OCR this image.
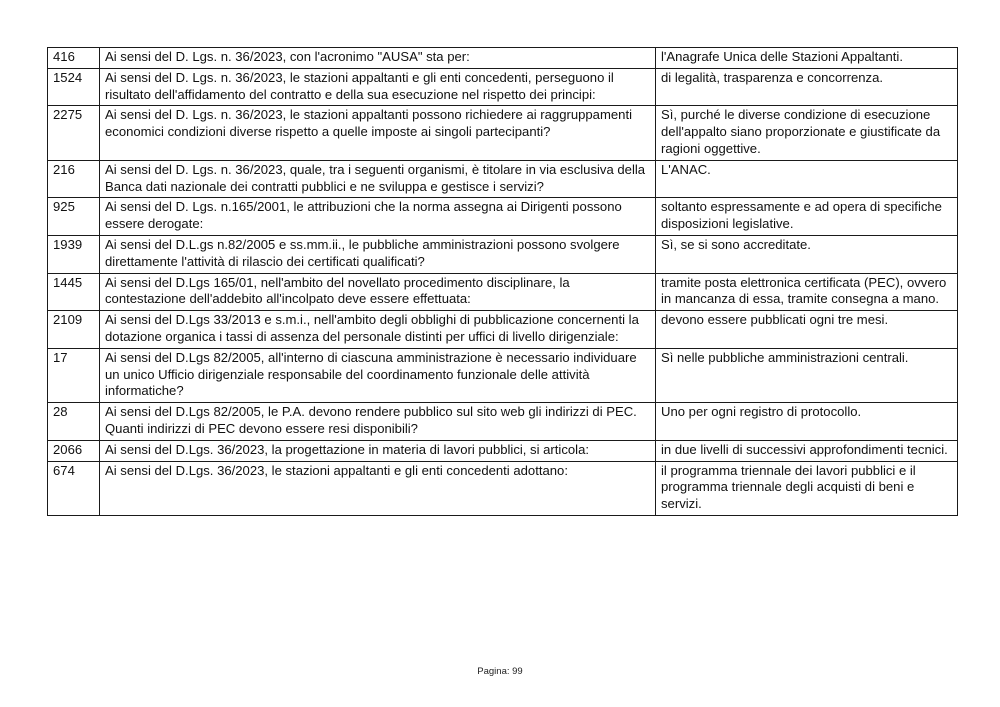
416	Ai sensi del D. Lgs. n. 36/2023, con l'acronimo "AUSA" sta per:	l'Anagrafe Unica delle Stazioni Appaltanti.
1524	Ai sensi del D. Lgs. n. 36/2023, le stazioni appaltanti e gli enti concedenti, perseguono il risultato dell'affidamento del contratto e della sua esecuzione nel rispetto dei principi:	di legalità, trasparenza e concorrenza.
2275	Ai sensi del D. Lgs. n. 36/2023, le stazioni appaltanti possono richiedere ai raggruppamenti economici condizioni diverse rispetto a quelle imposte ai singoli partecipanti?	Sì, purché le diverse condizione di esecuzione dell'appalto siano proporzionate e giustificate da ragioni oggettive.
216	Ai sensi del D. Lgs. n. 36/2023, quale, tra i seguenti organismi, è titolare in via esclusiva della Banca dati nazionale dei contratti pubblici e ne sviluppa e gestisce i servizi?	L'ANAC.
925	Ai sensi del D. Lgs. n.165/2001, le attribuzioni che la norma assegna ai Dirigenti possono essere derogate:	soltanto espressamente e ad opera di specifiche disposizioni legislative.
1939	Ai sensi del D.L.gs n.82/2005 e ss.mm.ii., le pubbliche amministrazioni possono svolgere direttamente l'attività di rilascio dei certificati qualificati?	Sì, se si sono accreditate.
1445	Ai sensi del D.Lgs 165/01, nell'ambito del novellato procedimento disciplinare, la contestazione dell'addebito all'incolpato deve essere effettuata:	tramite posta elettronica certificata (PEC), ovvero in mancanza di essa, tramite consegna a mano.
2109	Ai sensi del D.Lgs 33/2013 e s.m.i., nell'ambito degli obblighi di pubblicazione concernenti la dotazione organica i tassi di assenza del personale distinti per uffici di livello dirigenziale:	devono essere pubblicati ogni tre mesi.
17	Ai sensi del D.Lgs 82/2005, all'interno di ciascuna amministrazione è necessario individuare un unico Ufficio dirigenziale responsabile del coordinamento funzionale delle attività informatiche?	Sì nelle pubbliche amministrazioni centrali.
28	Ai sensi del D.Lgs 82/2005, le P.A. devono rendere pubblico sul sito web gli indirizzi di PEC. Quanti indirizzi di PEC devono essere resi disponibili?	Uno per ogni registro di protocollo.
2066	Ai sensi del D.Lgs. 36/2023, la progettazione in materia di lavori pubblici, si articola:	in due livelli di successivi approfondimenti tecnici.
674	Ai sensi del D.Lgs. 36/2023, le stazioni appaltanti e gli enti concedenti adottano:	il programma triennale dei lavori pubblici e il programma triennale degli acquisti di beni e servizi.
Pagina: 99
